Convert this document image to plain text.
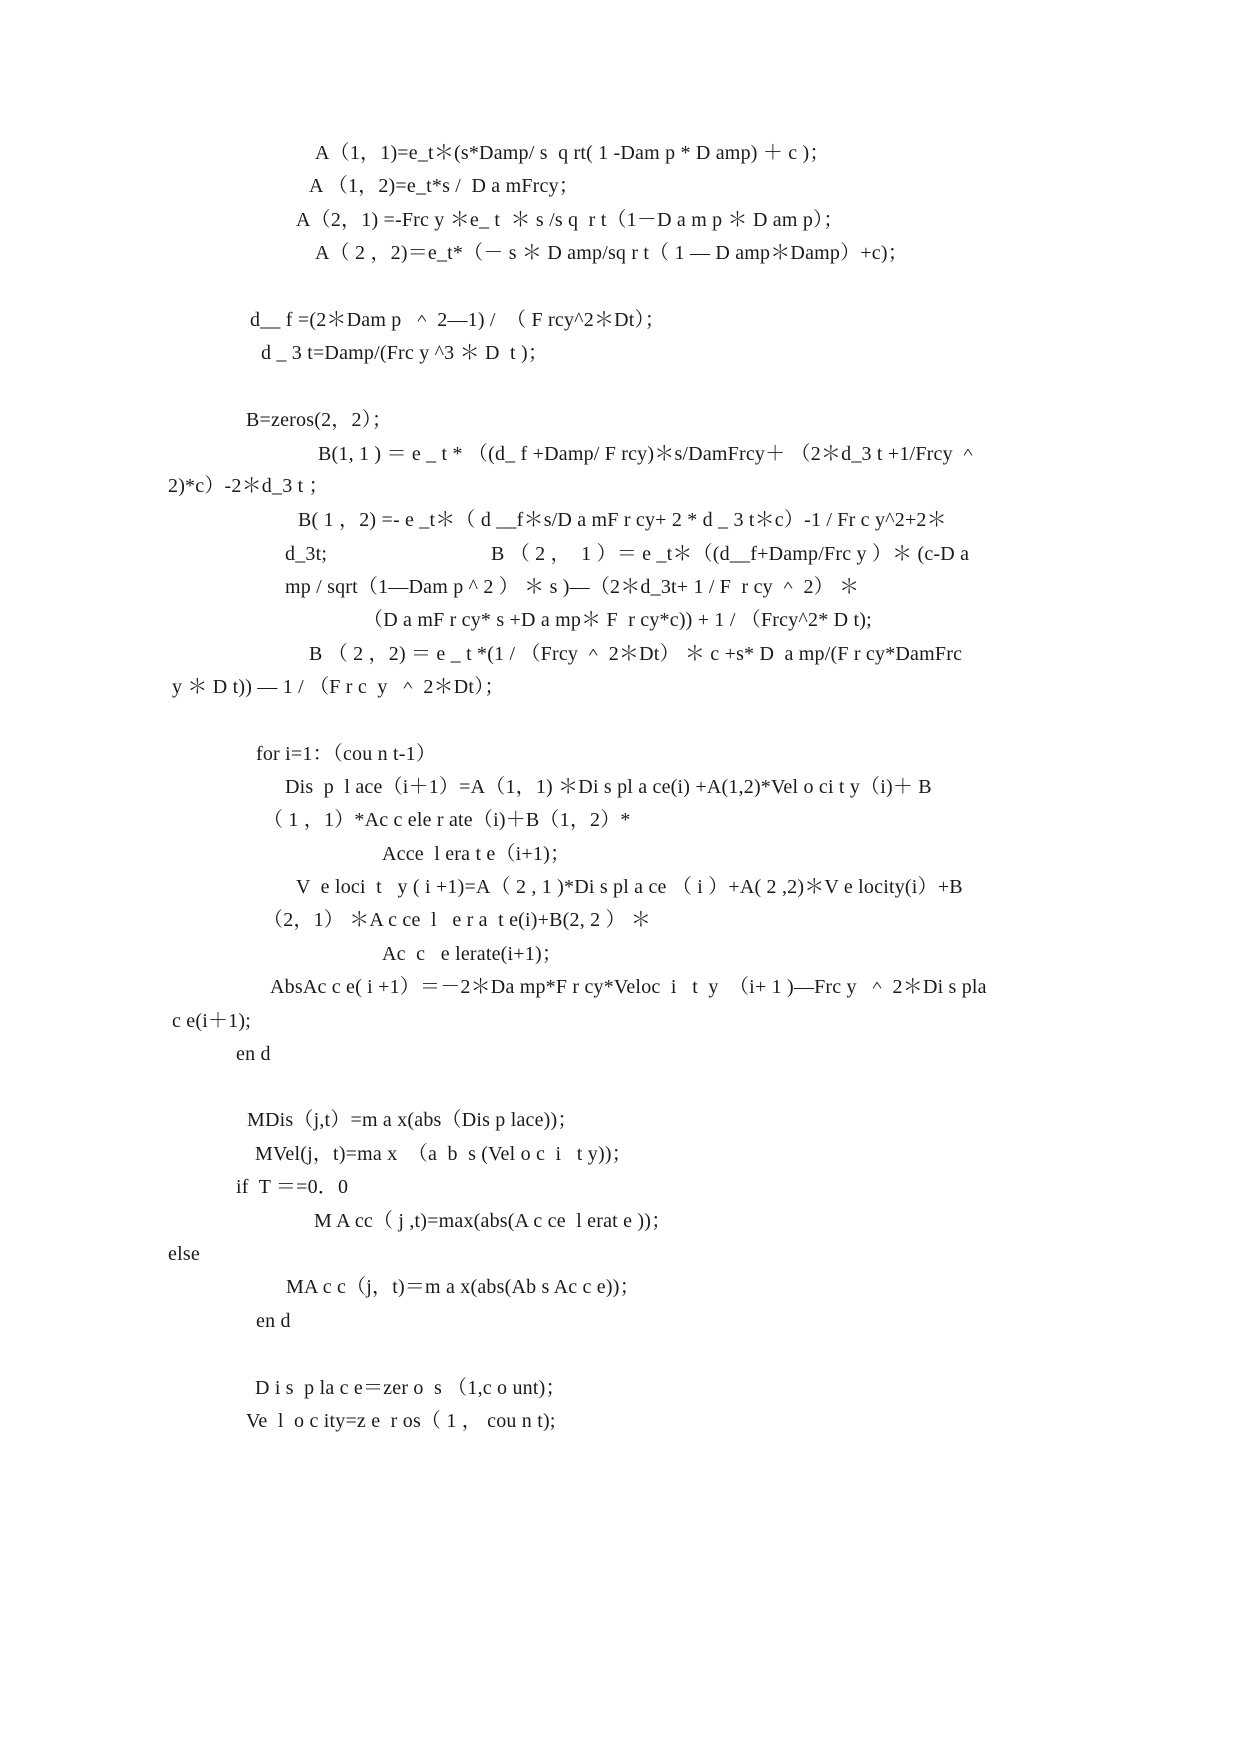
A（1，1)=e_t＊(s*Damp/ s  q rt( 1 -Dam p * D amp) ＋ c )；
A （1，2)=e_t*s /  D a mFrcy；
A（2，1) =-Frc y ＊e_ t  ＊ s /s q  r t（1－D a m p ＊ D am p）；
A（ 2 ，2)＝e_t*（－ s ＊ D amp/sq r t（ 1 — D amp＊Damp）+c)；
d__ f =(2＊Dam p  ＾ 2—1) /  （ F rcy^2＊Dt）；
d _ 3 t=Damp/(Frc y ^3 ＊ D  t )；
B=zeros(2，2）；
B(1, 1 ) ＝ e _ t * （(d_ f +Damp/ F rcy)＊s/DamFrcy＋ （2＊d_3 t +1/Frcy ＾
2)*c）-2＊d_3 t ；
B( 1 ，2) =- e _t＊（ d __f＊s/D a mF r cy+ 2 * d _ 3 t＊c）-1 / Fr c y^2+2＊
d_3t;	B （ 2 ，  1 ）＝ e _t＊（(d__f+Damp/Frc y ）＊ (c-D a
mp / sqrt（1—Dam p ^ 2 ） ＊ s )—（2＊d_3t+ 1 / F  r cy ＾ 2） ＊
（D a mF r cy* s +D a mp＊ F  r cy*c)) + 1 / （Frcy^2* D t);
B （ 2 ，2) ＝ e _ t *(1 / （Frcy ＾ 2＊Dt） ＊ c +s* D  a mp/(F r cy*DamFrc
y ＊ D t)) — 1 / （F r c  y  ＾ 2＊Dt）；
for i=1：（cou n t-1）
Dis  p  l ace（i＋1）=A（1，1) ＊Di s pl a ce(i) +A(1,2)*Vel o ci t y（i)＋ B
（ 1 ，1）*Ac c ele r ate（i)＋B（1，2）*
Acce  l era t e（i+1)；
V  e loci  t   y ( i +1)=A（ 2 , 1 )*Di s pl a ce （ i ）+A( 2 ,2)＊V e locity(i）+B
（2，1） ＊A c ce  l   e r a  t e(i)+B(2, 2 ） ＊
Ac  c   e lerate(i+1)；
AbsAc c e( i +1）＝－2＊Da mp*F r cy*Veloc  i   t  y  （i+ 1 )—Frc y  ＾ 2＊Di s pla
c e(i＋1);
en d
MDis（j,t）=m a x(abs（Dis p lace))；
MVel(j，t)=ma x  （a  b  s (Vel o c  i   t y))；
if  T ＝=0．0
M A cc（ j ,t)=max(abs(A c ce  l erat e ))；
else
MA c c（j，t)＝m a x(abs(Ab s Ac c e))；
en d
D i s  p la c e＝zer o  s （1,c o unt)；
Ve  l  o c ity=z e  r os（ 1 ， cou n t);
